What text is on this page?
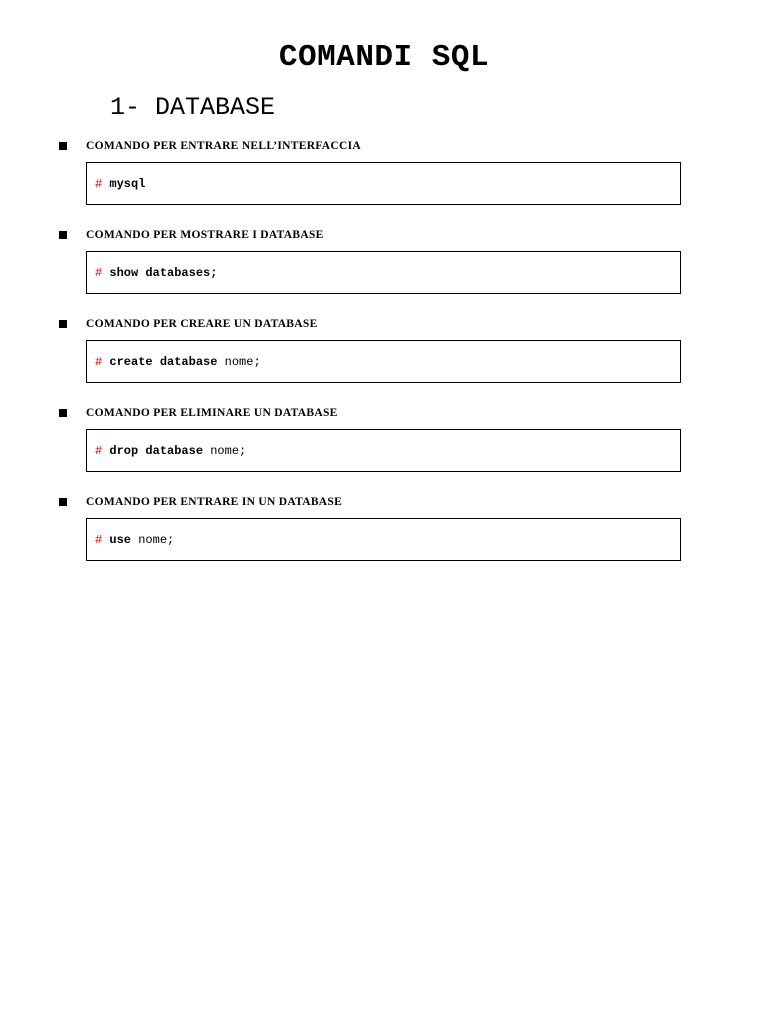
COMANDI SQL
1- DATABASE
COMANDO PER ENTRARE NELL’INTERFACCIA
# mysql
COMANDO PER MOSTRARE I DATABASE
# show databases;
COMANDO PER CREARE UN DATABASE
# create database nome;
COMANDO PER ELIMINARE UN DATABASE
# drop database nome;
COMANDO PER ENTRARE IN UN DATABASE
# use nome;
